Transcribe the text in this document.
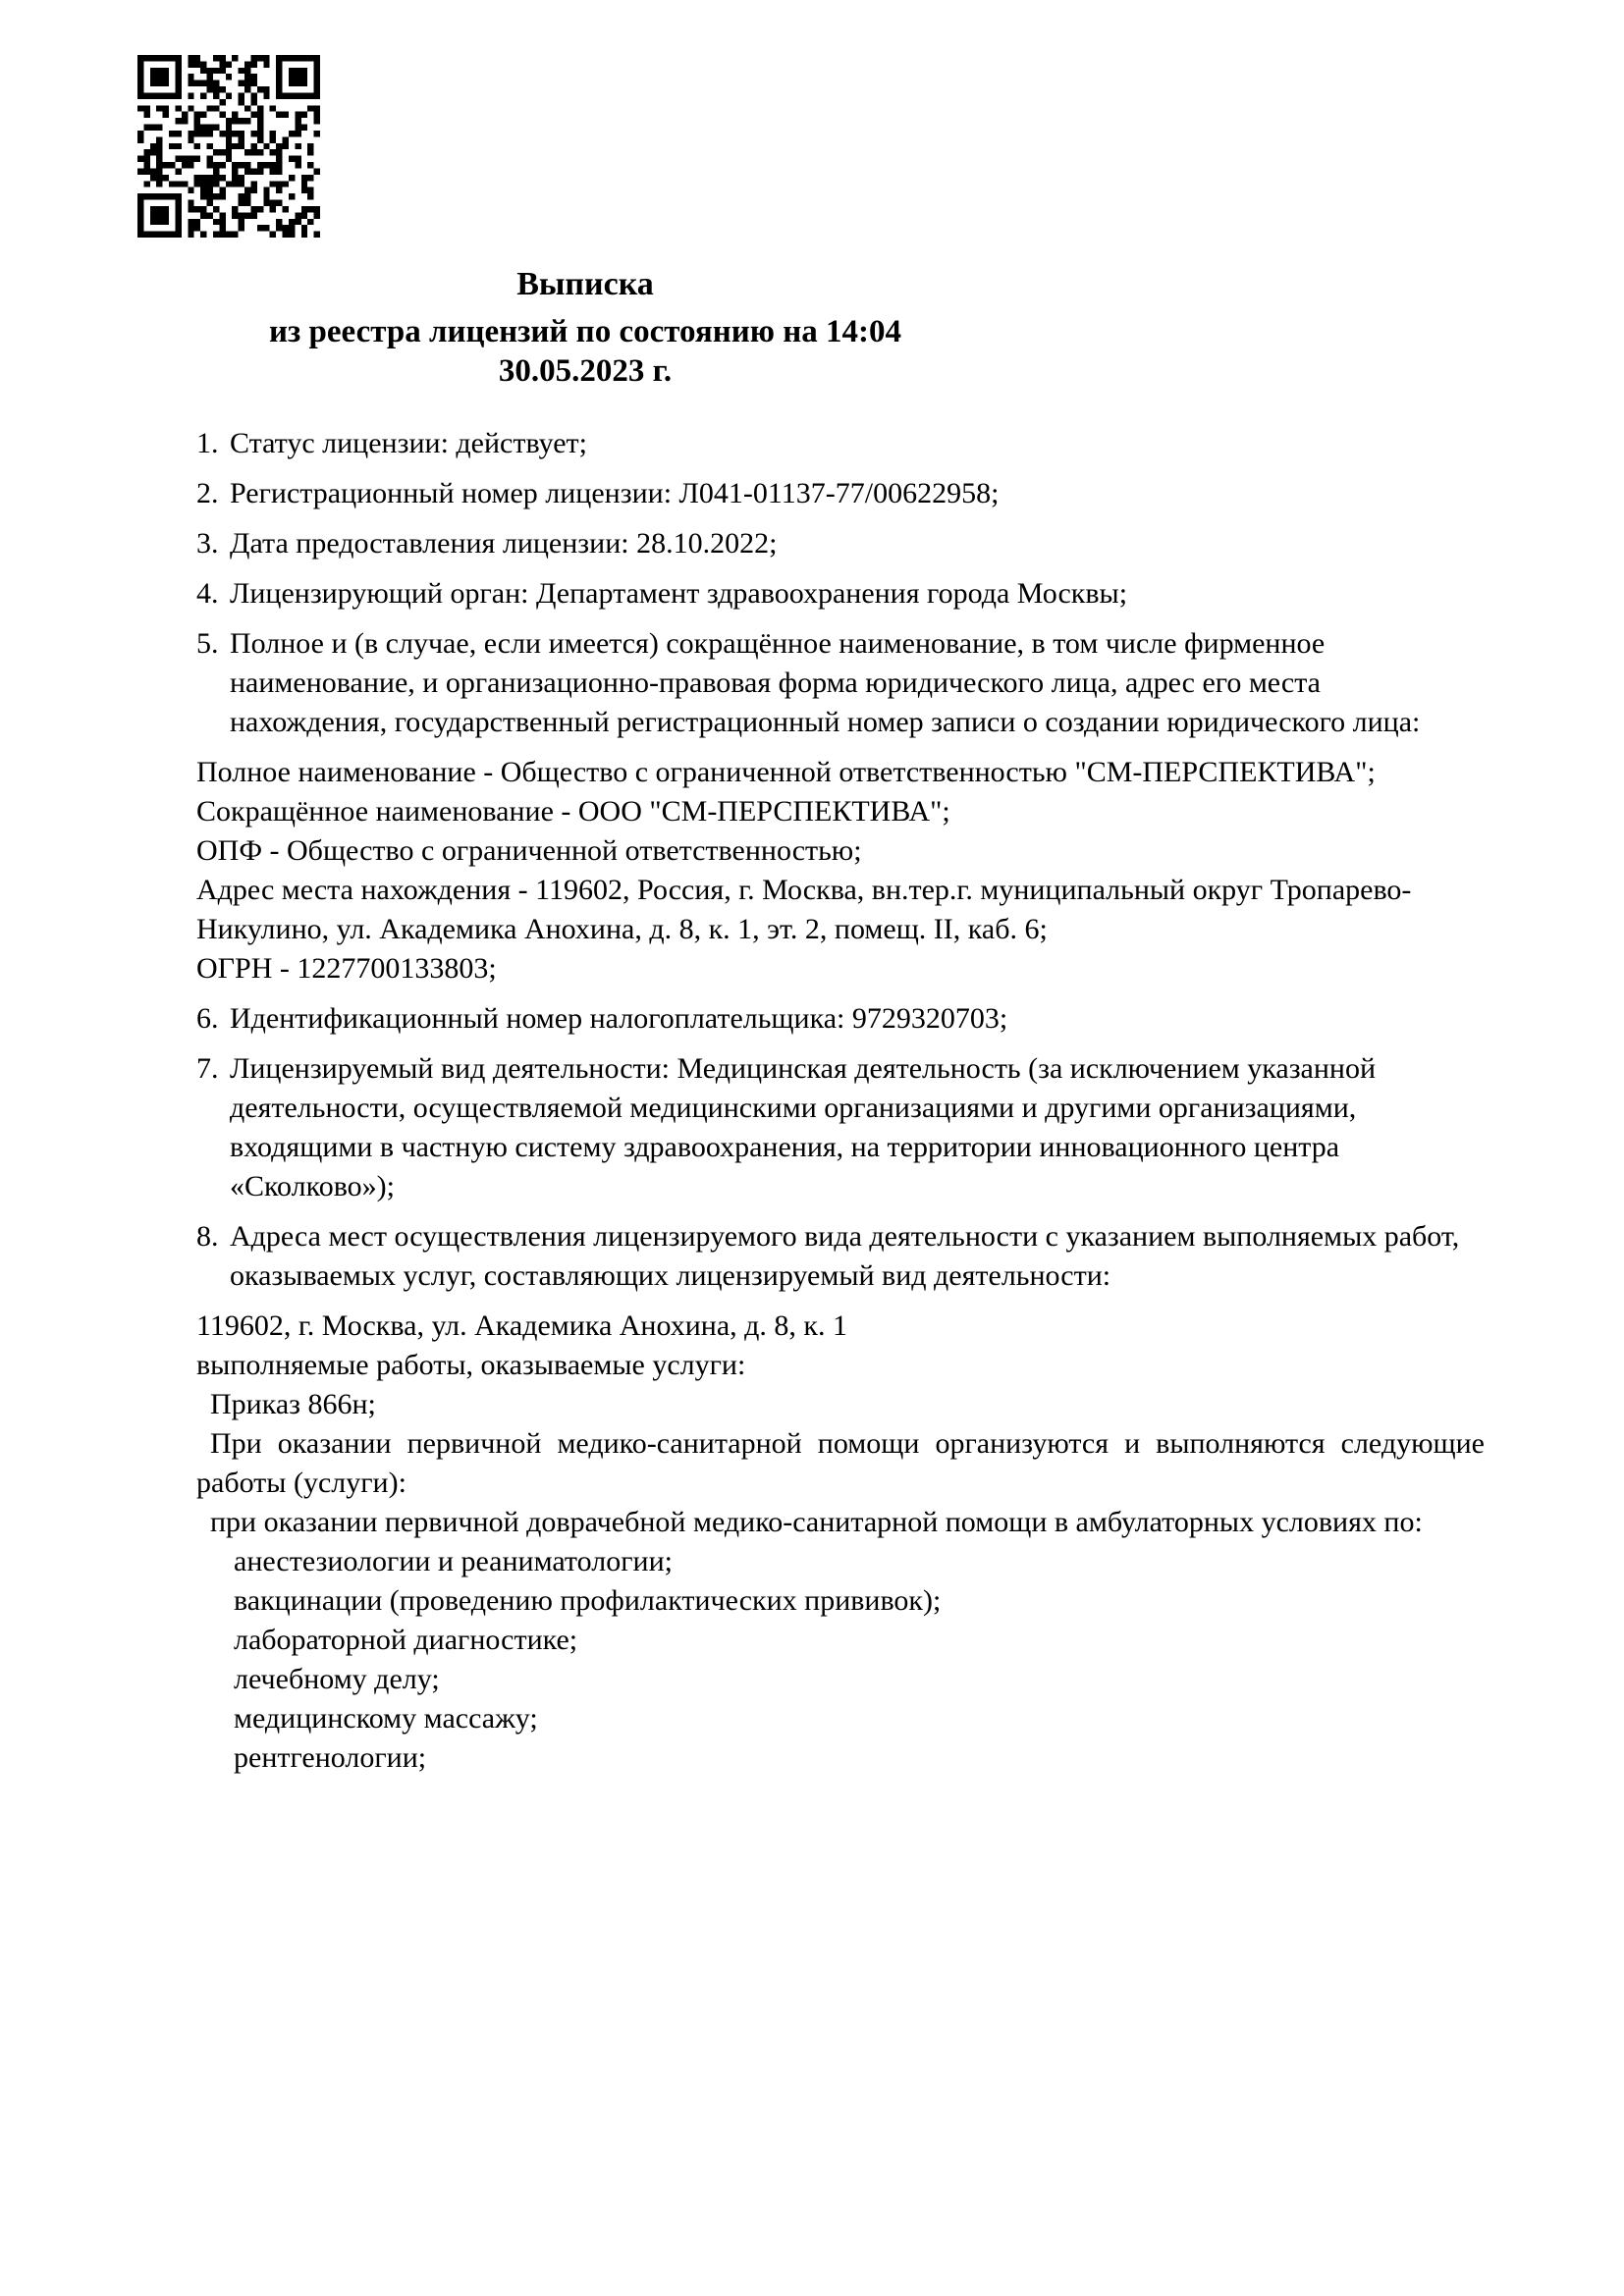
Выписка
из реестра лицензий по состоянию на 14:04 30.05.2023 г.
1. Статус лицензии: действует;
2. Регистрационный номер лицензии: Л041-01137-77/00622958;
3. Дата предоставления лицензии: 28.10.2022;
4. Лицензирующий орган: Департамент здравоохранения города Москвы;
5. Полное и (в случае, если имеется) сокращённое наименование, в том числе фирменное наименование, и организационно-правовая форма юридического лица, адрес его места нахождения, государственный регистрационный номер записи о создании юридического лица:

Полное наименование - Общество с ограниченной ответственностью "СМ-ПЕРСПЕКТИВА";

Сокращённое наименование - ООО "СМ-ПЕРСПЕКТИВА";

ОПФ - Общество с ограниченной ответственностью;

Адрес места нахождения - 119602, Россия, г. Москва, вн.тер.г. муниципальный округ Тропарево-Никулино, ул. Академика Анохина, д. 8, к. 1, эт. 2, помещ. II, каб. 6;

ОГРН - 1227700133803;

6. Идентификационный номер налогоплательщика: 9729320703;
7. Лицензируемый вид деятельности: Медицинская деятельность (за исключением указанной деятельности, осуществляемой медицинскими организациями и другими организациями, входящими в частную систему здравоохранения, на территории инновационного центра «Сколково»);
8. Адреса мест осуществления лицензируемого вида деятельности с указанием выполняемых работ, оказываемых услуг, составляющих лицензируемый вид деятельности:

119602, г. Москва, ул. Академика Анохина, д. 8, к. 1

выполняемые работы, оказываемые услуги:

Приказ 866н;

При оказании первичной медико-санитарной помощи организуются и выполняются следующие работы (услуги):

при оказании первичной доврачебной медико-санитарной помощи в амбулаторных условиях по:

анестезиологии и реаниматологии;

вакцинации (проведению профилактических прививок);

лабораторной диагностике;

лечебному делу;

медицинскому массажу;

рентгенологии;
